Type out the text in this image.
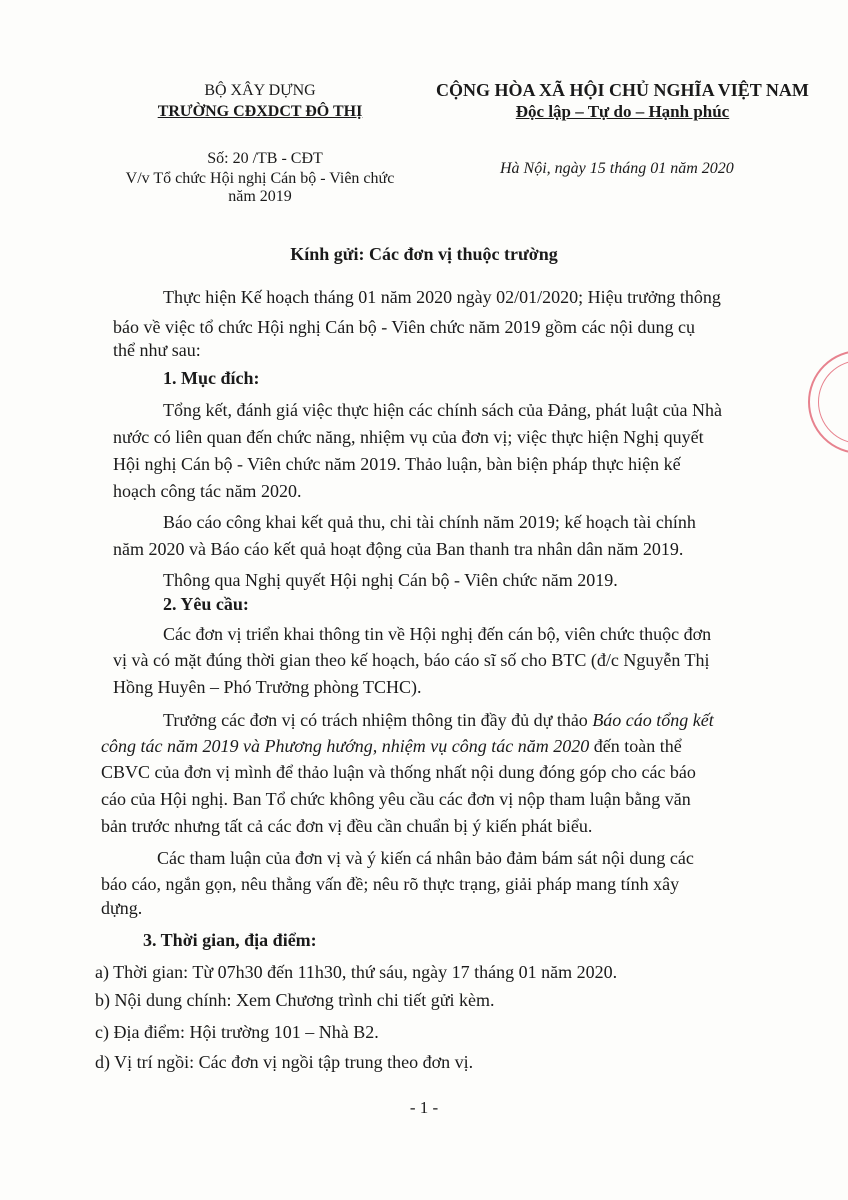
BỘ XÂY DỰNG
TRƯỜNG CĐXDCT ĐÔ THỊ
CỘNG HÒA XÃ HỘI CHỦ NGHĨA VIỆT NAM
Độc lập – Tự do – Hạnh phúc
Số: 20 /TB - CĐT
V/v Tổ chức Hội nghị Cán bộ - Viên chức
năm 2019
Hà Nội, ngày 15 tháng 01 năm 2020
Kính gửi: Các đơn vị thuộc trường
Thực hiện Kế hoạch tháng 01 năm 2020 ngày 02/01/2020; Hiệu trưởng thông
báo về việc tổ chức Hội nghị Cán bộ - Viên chức năm 2019 gồm các nội dung cụ
thể như sau:
1. Mục đích:
Tổng kết, đánh giá việc thực hiện các chính sách của Đảng, phát luật của Nhà
nước có liên quan đến chức năng, nhiệm vụ của đơn vị; việc thực hiện Nghị quyết
Hội nghị Cán bộ - Viên chức năm 2019. Thảo luận, bàn biện pháp thực hiện kế
hoạch công tác năm 2020.
Báo cáo công khai kết quả thu, chi tài chính năm 2019; kế hoạch tài chính
năm 2020 và Báo cáo kết quả hoạt động của Ban thanh tra nhân dân năm 2019.
Thông qua Nghị quyết Hội nghị Cán bộ - Viên chức năm 2019.
2. Yêu cầu:
Các đơn vị triển khai thông tin về Hội nghị đến cán bộ, viên chức thuộc đơn
vị và có mặt đúng thời gian theo kế hoạch, báo cáo sĩ số cho BTC (đ/c Nguyễn Thị
Hồng Huyên – Phó Trưởng phòng TCHC).
Trưởng các đơn vị có trách nhiệm thông tin đầy đủ dự thảo Báo cáo tổng kết
công tác năm 2019 và Phương hướng, nhiệm vụ công tác năm 2020 đến toàn thể
CBVC của đơn vị mình để thảo luận và thống nhất nội dung đóng góp cho các báo
cáo của Hội nghị. Ban Tổ chức không yêu cầu các đơn vị nộp tham luận bằng văn
bản trước nhưng tất cả các đơn vị đều cần chuẩn bị ý kiến phát biểu.
Các tham luận của đơn vị và ý kiến cá nhân bảo đảm bám sát nội dung các
báo cáo, ngắn gọn, nêu thẳng vấn đề; nêu rõ thực trạng, giải pháp mang tính xây
dựng.
3. Thời gian, địa điểm:
a) Thời gian: Từ 07h30 đến 11h30, thứ sáu, ngày 17 tháng 01 năm 2020.
b) Nội dung chính: Xem Chương trình chi tiết gửi kèm.
c) Địa điểm: Hội trường 101 – Nhà B2.
d) Vị trí ngồi: Các đơn vị ngồi tập trung theo đơn vị.
- 1 -
